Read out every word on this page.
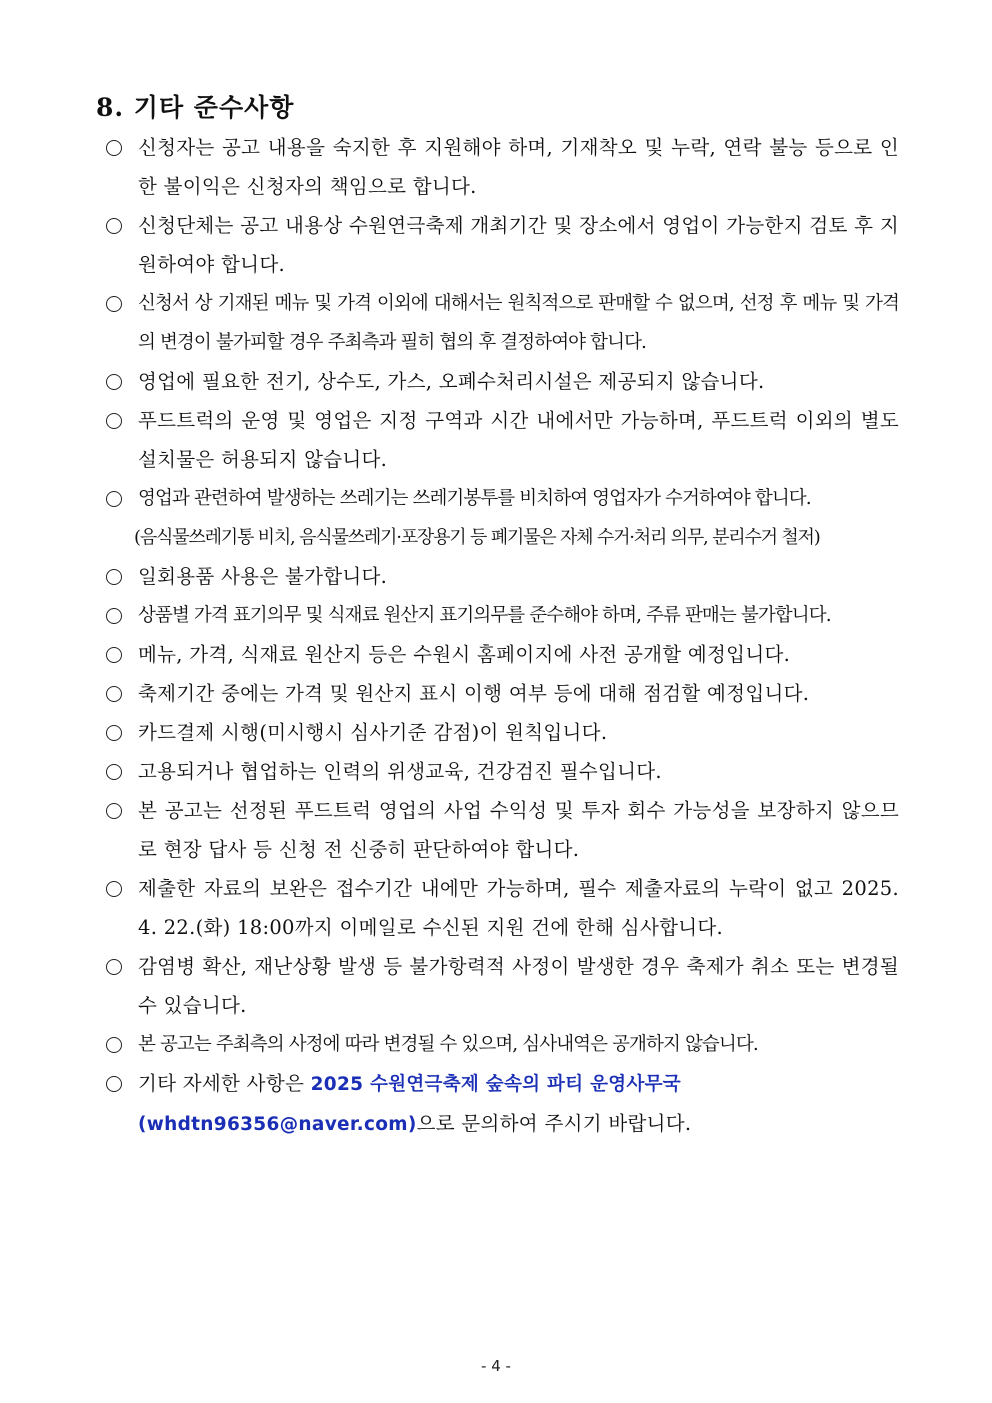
8. 기타 준수사항
신청자는 공고 내용을 숙지한 후 지원해야 하며, 기재착오 및 누락, 연락 불능 등으로 인한 불이익은 신청자의 책임으로 합니다.
신청단체는 공고 내용상 수원연극축제 개최기간 및 장소에서 영업이 가능한지 검토 후 지원하여야 합니다.
신청서 상 기재된 메뉴 및 가격 이외에 대해서는 원칙적으로 판매할 수 없으며, 선정 후 메뉴 및 가격의 변경이 불가피할 경우 주최측과 필히 협의 후 결정하여야 합니다.
영업에 필요한 전기, 상수도, 가스, 오폐수처리시설은 제공되지 않습니다.
푸드트럭의 운영 및 영업은 지정 구역과 시간 내에서만 가능하며, 푸드트럭 이외의 별도 설치물은 허용되지 않습니다.
영업과 관련하여 발생하는 쓰레기는 쓰레기봉투를 비치하여 영업자가 수거하여야 합니다.
(음식물쓰레기통 비치, 음식물쓰레기·포장용기 등 폐기물은 자체 수거·처리 의무, 분리수거 철저)
일회용품 사용은 불가합니다.
상품별 가격 표기의무 및 식재료 원산지 표기의무를 준수해야 하며, 주류 판매는 불가합니다.
메뉴, 가격, 식재료 원산지 등은 수원시 홈페이지에 사전 공개할 예정입니다.
축제기간 중에는 가격 및 원산지 표시 이행 여부 등에 대해 점검할 예정입니다.
카드결제 시행(미시행시 심사기준 감점)이 원칙입니다.
고용되거나 협업하는 인력의 위생교육, 건강검진 필수입니다.
본 공고는 선정된 푸드트럭 영업의 사업 수익성 및 투자 회수 가능성을 보장하지 않으므로 현장 답사 등 신청 전 신중히 판단하여야 합니다.
제출한 자료의 보완은 접수기간 내에만 가능하며, 필수 제출자료의 누락이 없고 2025. 4. 22.(화) 18:00까지 이메일로 수신된 지원 건에 한해 심사합니다.
감염병 확산, 재난상황 발생 등 불가항력적 사정이 발생한 경우 축제가 취소 또는 변경될 수 있습니다.
본 공고는 주최측의 사정에 따라 변경될 수 있으며, 심사내역은 공개하지 않습니다.
기타 자세한 사항은 2025 수원연극축제 숲속의 파티 운영사무국
(whdtn96356@naver.com)으로 문의하여 주시기 바랍니다.
- 4 -
